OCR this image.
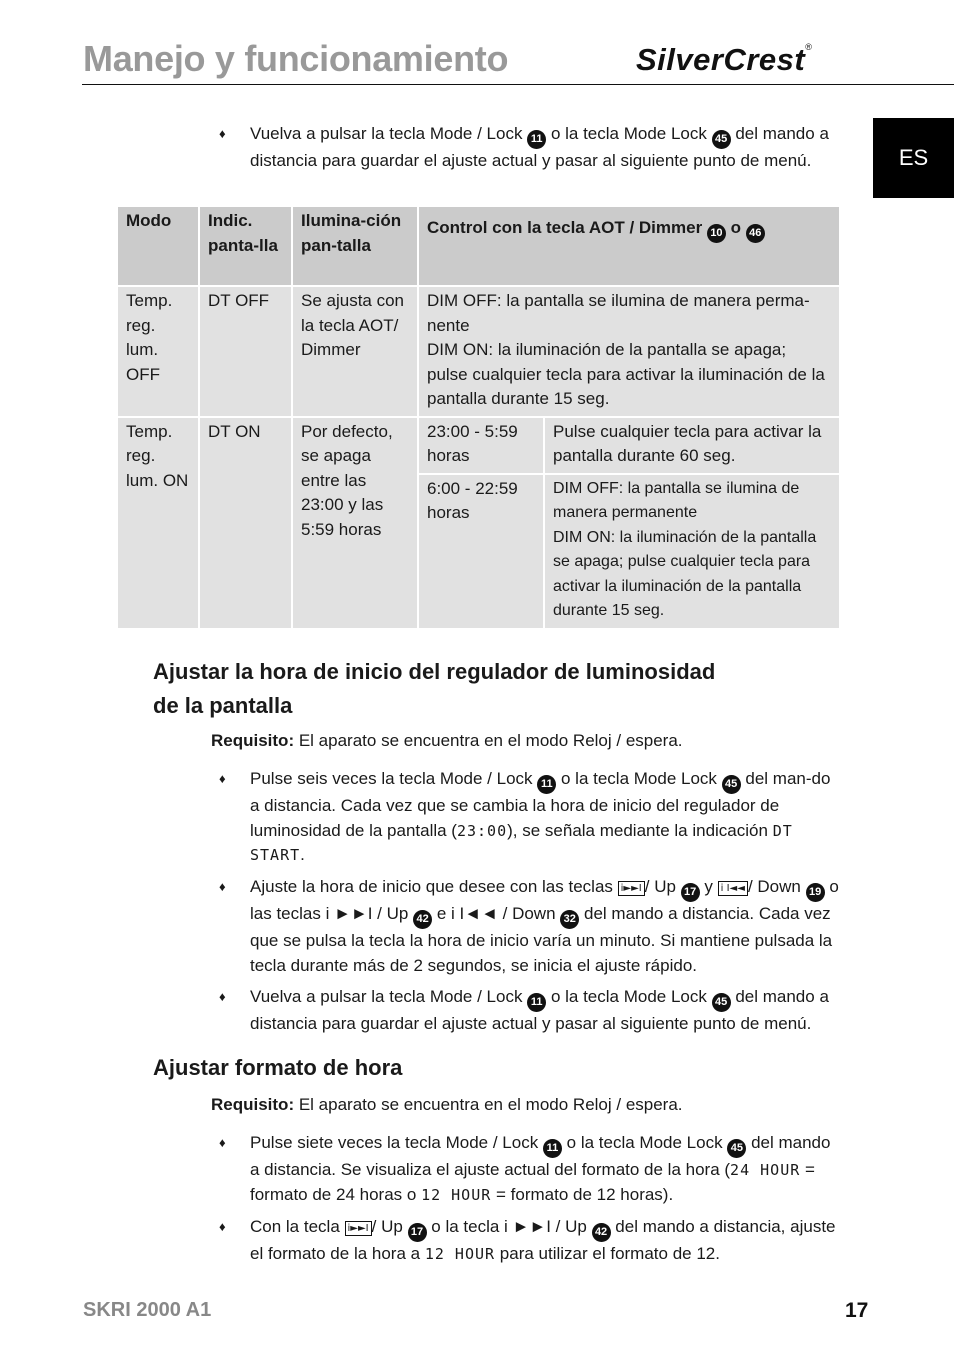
Manejo y funcionamiento	SilverCrest®
ES
♦ Vuelva a pulsar la tecla Mode / Lock 11 o la tecla Mode Lock 45 del mando a distancia para guardar el ajuste actual y pasar al siguiente punto de menú.
Modo	Indic. panta-lla	Ilumina-ción pan-talla	Control con la tecla AOT / Dimmer 10 o 46	
Temp. reg. lum. OFF	DT OFF	Se ajusta con la tecla AOT/ Dimmer	DIM OFF: la pantalla se ilumina de manera perma-nente
DIM ON: la iluminación de la pantalla se apaga; pulse cualquier tecla para activar la iluminación de la pantalla durante 15 seg.	

Temp. reg. lum. ON	DT ON	Por defecto, se apaga entre las 23:00 y las 5:59 horas	23:00 - 5:59 horas	Pulse cualquier tecla para activar la pantalla durante 60 seg.
			6:00 - 22:59 horas	DIM OFF: la pantalla se ilumina de manera permanente
DIM ON: la iluminación de la pantalla se apaga; pulse cualquier tecla para activar la iluminación de la pantalla durante 15 seg.
Ajustar la hora de inicio del regulador de luminosidad
de la pantalla
Requisito: El aparato se encuentra en el modo Reloj / espera.
♦ Pulse seis veces la tecla Mode / Lock 11 o la tecla Mode Lock 45 del man-do a distancia. Cada vez que se cambia la hora de inicio del regulador de luminosidad de la pantalla (23:00), se señala mediante la indicación DT START.
♦ Ajuste la hora de inicio que desee con las teclas i►►I / Up 17 y i I◄◄ / Down 19 o las teclas i ►►I / Up 42 e i I◄◄ / Down 32 del mando a distancia. Cada vez que se pulsa la tecla la hora de inicio varía un minuto. Si mantiene pulsada la tecla durante más de 2 segundos, se inicia el ajuste rápido.
♦ Vuelva a pulsar la tecla Mode / Lock 11 o la tecla Mode Lock 45 del mando a distancia para guardar el ajuste actual y pasar al siguiente punto de menú.
Ajustar formato de hora
Requisito: El aparato se encuentra en el modo Reloj / espera.
♦ Pulse siete veces la tecla Mode / Lock 11 o la tecla Mode Lock 45 del mando a distancia. Se visualiza el ajuste actual del formato de la hora (24 HOUR = formato de 24 horas o 12 HOUR = formato de 12 horas).
♦ Con la tecla i►►I / Up 17 o la tecla i ►►I / Up 42 del mando a distancia, ajuste el formato de la hora a 12 HOUR para utilizar el formato de 12.
SKRI 2000 A1	17
